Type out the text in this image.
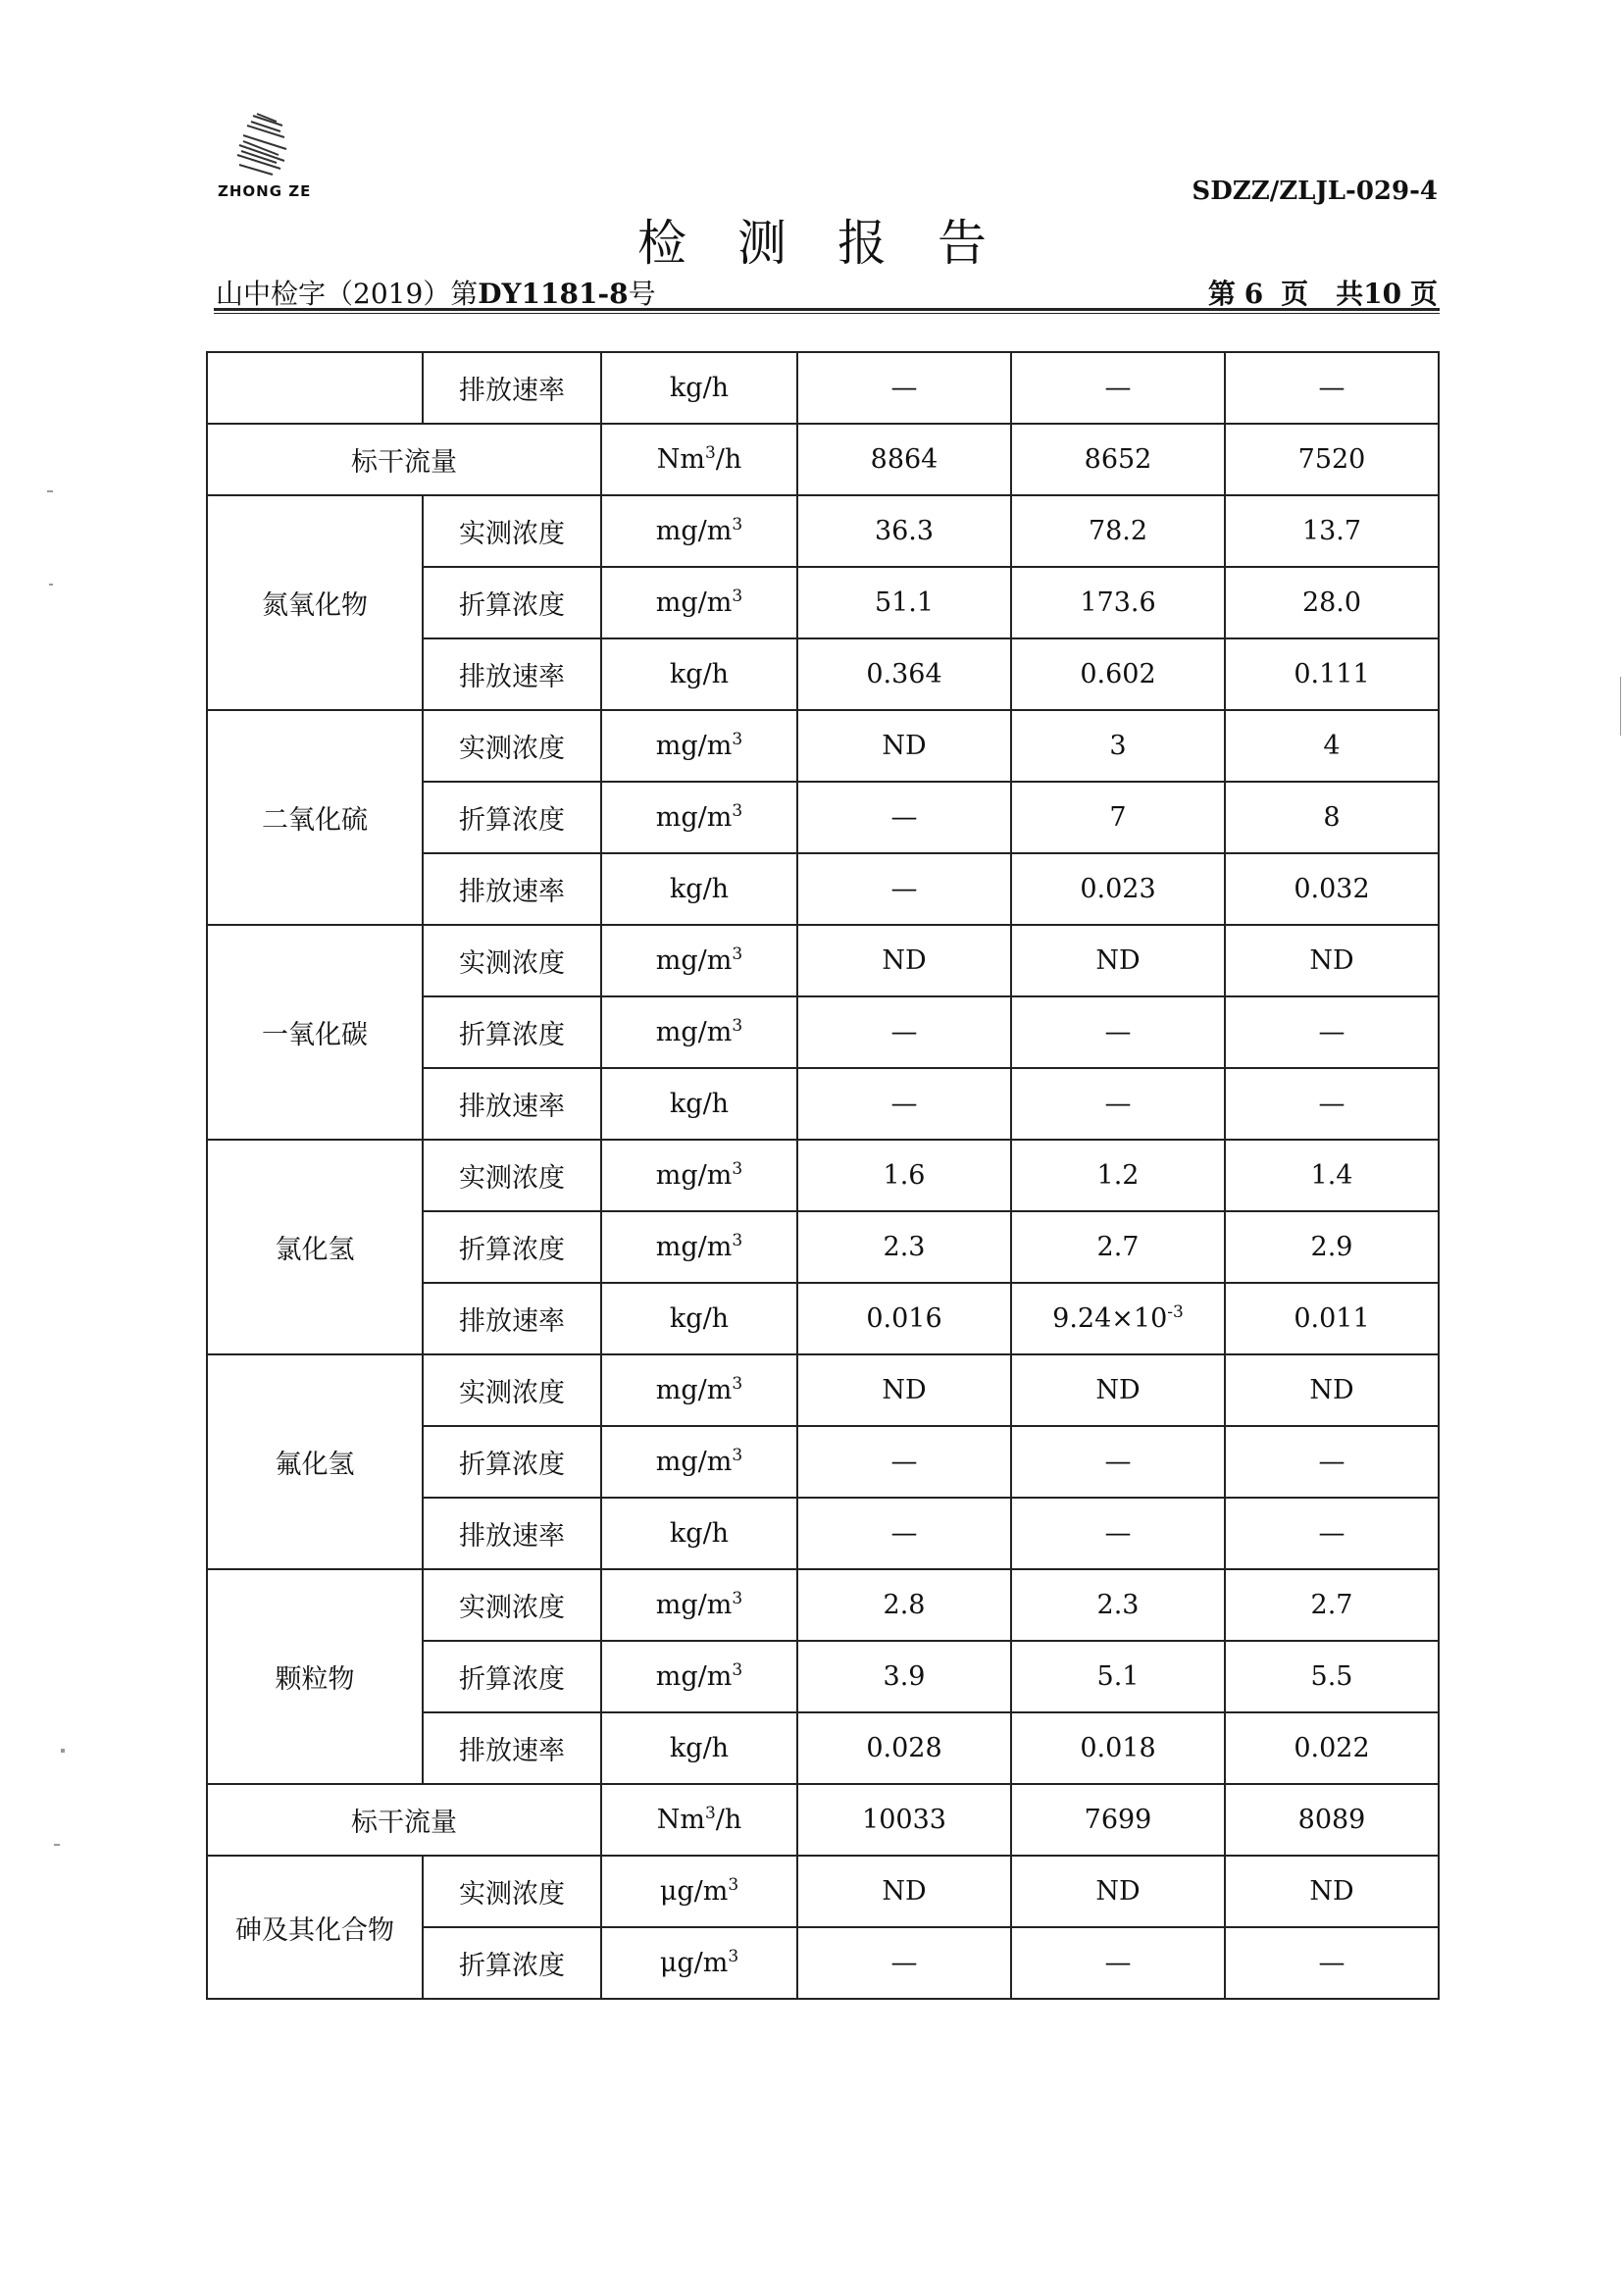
ZHONG ZE	SDZZ/ZLJL-029-4
检测报告
山中检字（2019）第DY1181-8号	第 6 页　共10 页
	排放速率	kg/h	—	—	—
标干流量		Nm$^3$/h	8864	8652	7520
氮氧化物	实测浓度	$mg/m^3$	36.3	78.2	13.7
	折算浓度	$mg/m^3$	51.1	173.6	28.0
	排放速率	kg/h	0.364	0.602	0.111
二氧化硫	实测浓度	$mg/m^3$	ND	3	4
	折算浓度	$mg/m^3$	—	7	8
	排放速率	kg/h	—	0.023	0.032
一氧化碳	实测浓度	$mg/m^3$	ND	ND	ND
	折算浓度	$mg/m^3$	—	—	—
	排放速率	kg/h	—	—	—
氯化氢	实测浓度	$mg/m^3$	1.6	1.2	1.4
	折算浓度	$mg/m^3$	2.3	2.7	2.9
	排放速率	kg/h	0.016	$9.24\times 10^{-3}$	0.011
氟化氢	实测浓度	$mg/m^3$	ND	ND	ND
	折算浓度	$mg/m^3$	—	—	—
	排放速率	kg/h	—	—	—
颗粒物	实测浓度	$mg/m^3$	2.8	2.3	2.7
	折算浓度	$mg/m^3$	3.9	5.1	5.5
	排放速率	kg/h	0.028	0.018	0.022
标干流量		Nm$^3$/h	10033	7699	8089
砷及其化合物	实测浓度	$\mu g/m^3$	ND	ND	ND
	折算浓度	$\mu g/m^3$	—	—	—
